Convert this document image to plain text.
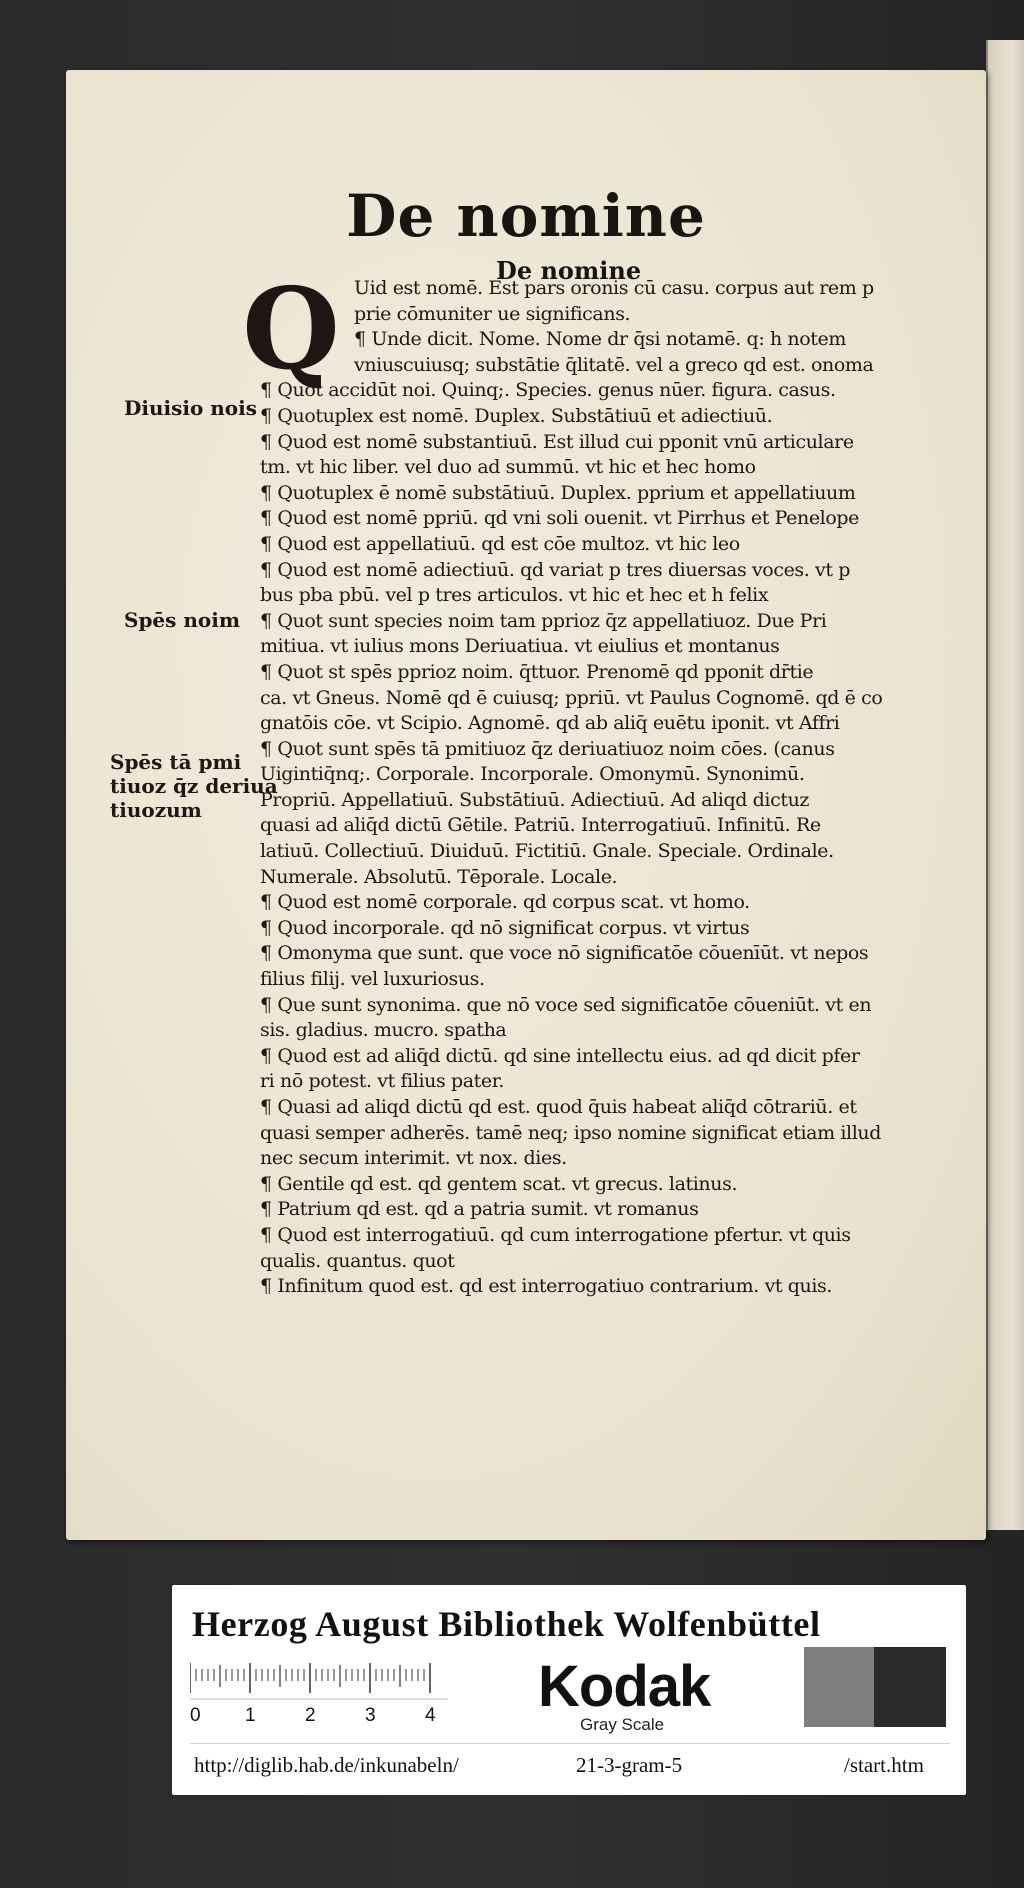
De nomine
De nomine
Q
Diuisio nois
Spēs noim
Spēs tā pmi
tiuoz q̄z deriua
tiuozum
Uid est nomē. Est pars oronis cū casu. corpus aut rem p
prie cōmuniter ue significans.
¶ Unde dicit. Nome. Nome dr q̄si notamē. q: h notem
vniuscuiusq; substātie q̄litatē. vel a greco qd est. onoma
¶ Quot accidūt noi. Quinq;. Species. genus nūer. figura. casus.
¶ Quotuplex est nomē. Duplex. Substātiuū et adiectiuū.
¶ Quod est nomē substantiuū. Est illud cui pponit vnū articulare
tm. vt hic liber. vel duo ad summū. vt hic et hec homo
¶ Quotuplex ē nomē substātiuū. Duplex. pprium et appellatiuum
¶ Quod est nomē ppriū. qd vni soli ouenit. vt Pirrhus et Penelope
¶ Quod est appellatiuū. qd est cōe multoz. vt hic leo
¶ Quod est nomē adiectiuū. qd variat p tres diuersas voces. vt p
bus pba pbū. vel p tres articulos. vt hic et hec et h felix
¶ Quot sunt species noim tam pprioz q̄z appellatiuoz. Due Pri
mitiua. vt iulius mons Deriuatiua. vt eiulius et montanus
¶ Quot st spēs pprioz noim. q̄ttuor. Prenomē qd pponit dr̄tie
ca. vt Gneus. Nomē qd ē cuiusq; ppriū. vt Paulus Cognomē. qd ē co
gnatōis cōe. vt Scipio. Agnomē. qd ab aliq̄ euētu iponit. vt Affri
¶ Quot sunt spēs tā pmitiuoz q̄z deriuatiuoz noim cōes. (canus
Uigintiq̄nq;. Corporale. Incorporale. Omonymū. Synonimū.
Propriū. Appellatiuū. Substātiuū. Adiectiuū. Ad aliqd dictuz
quasi ad aliq̄d dictū Gētile. Patriū. Interrogatiuū. Infinitū. Re
latiuū. Collectiuū. Diuiduū. Fictitiū. Gnale. Speciale. Ordinale.
Numerale. Absolutū. Tēporale. Locale.
¶ Quod est nomē corporale. qd corpus scat. vt homo.
¶ Quod incorporale. qd nō significat corpus. vt virtus
¶ Omonyma que sunt. que voce nō significatōe cōuenīūt. vt nepos
filius filij. vel luxuriosus.
¶ Que sunt synonima. que nō voce sed significatōe cōueniūt. vt en
sis. gladius. mucro. spatha
¶ Quod est ad aliq̄d dictū. qd sine intellectu eius. ad qd dicit pfer
ri nō potest. vt filius pater.
¶ Quasi ad aliqd dictū qd est. quod q̄uis habeat aliq̄d cōtrariū. et
quasi semper adherēs. tamē neq; ipso nomine significat etiam illud
nec secum interimit. vt nox. dies.
¶ Gentile qd est. qd gentem scat. vt grecus. latinus.
¶ Patrium qd est. qd a patria sumit. vt romanus
¶ Quod est interrogatiuū. qd cum interrogatione pfertur. vt quis
qualis. quantus. quot
¶ Infinitum quod est. qd est interrogatiuo contrarium. vt quis.
Herzog August Bibliothek Wolfenbüttel
0 1	2	3	4 Kodak
Gray Scale
http://diglib.hab.de/inkunabeln/	21-3-gram-5	/start.htm
